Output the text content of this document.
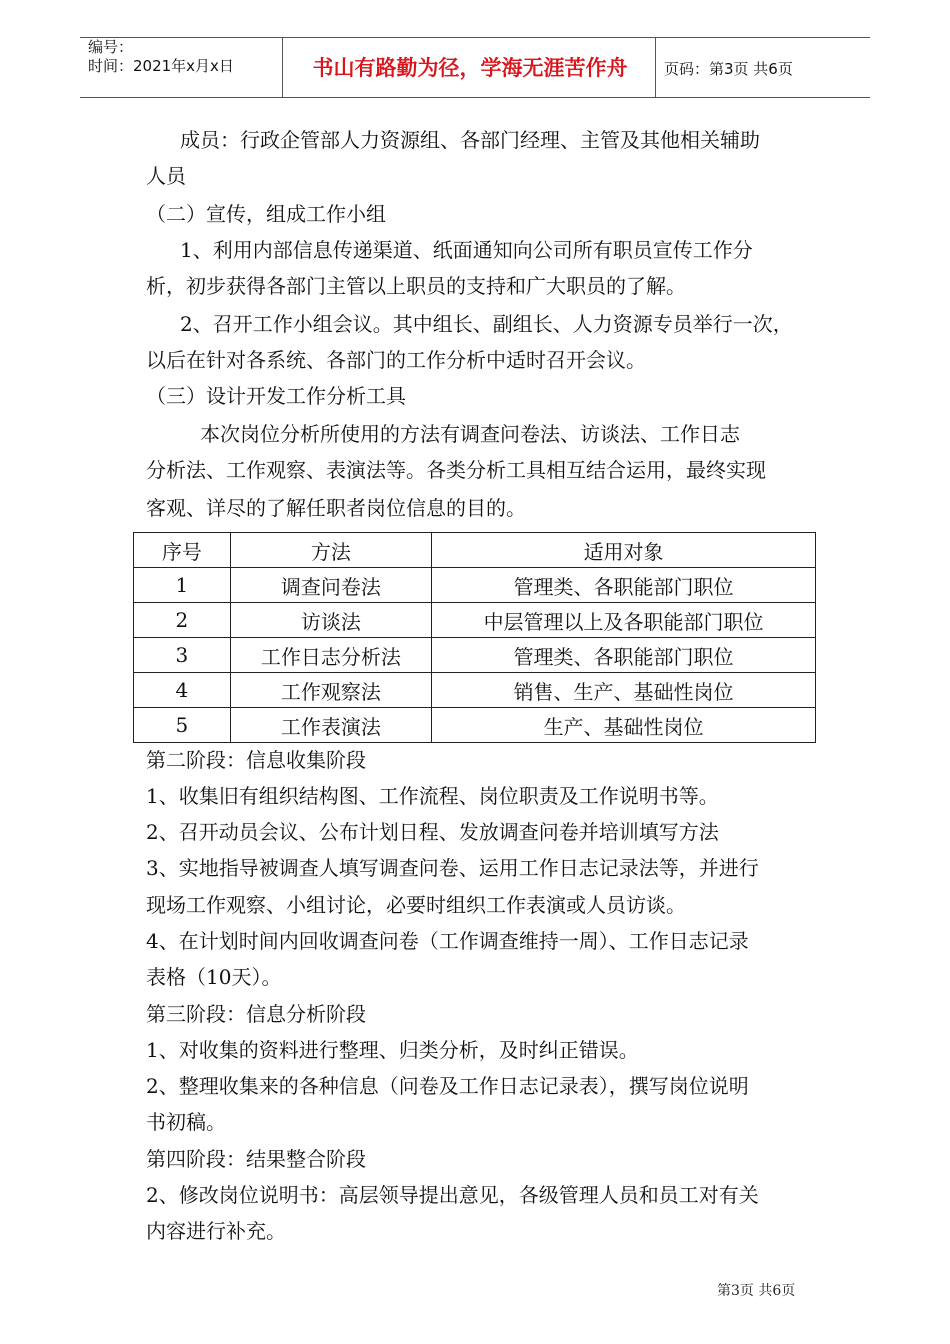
编号：
时间：2021年x月x日	书山有路勤为径，学海无涯苦作舟	页码：第3页 共6页
成员：行政企管部人力资源组、各部门经理、主管及其他相关辅助
人员
（二）宣传，组成工作小组
1、利用内部信息传递渠道、纸面通知向公司所有职员宣传工作分
析，初步获得各部门主管以上职员的支持和广大职员的了解。
2、召开工作小组会议。其中组长、副组长、人力资源专员举行一次，
以后在针对各系统、各部门的工作分析中适时召开会议。
（三）设计开发工作分析工具
本次岗位分析所使用的方法有调查问卷法、访谈法、工作日志
分析法、工作观察、表演法等。各类分析工具相互结合运用，最终实现
客观、详尽的了解任职者岗位信息的目的。
序号	方法	适用对象
1	调查问卷法	管理类、各职能部门职位
2	访谈法	中层管理以上及各职能部门职位
3	工作日志分析法	管理类、各职能部门职位
4	工作观察法	销售、生产、基础性岗位
5	工作表演法	生产、基础性岗位
第二阶段：信息收集阶段
1、收集旧有组织结构图、工作流程、岗位职责及工作说明书等。
2、召开动员会议、公布计划日程、发放调查问卷并培训填写方法
3、实地指导被调查人填写调查问卷、运用工作日志记录法等，并进行
现场工作观察、小组讨论，必要时组织工作表演或人员访谈。
4、在计划时间内回收调查问卷（工作调查维持一周）、工作日志记录
表格（10天）。
第三阶段：信息分析阶段
1、对收集的资料进行整理、归类分析，及时纠正错误。
2、整理收集来的各种信息（问卷及工作日志记录表），撰写岗位说明
书初稿。
第四阶段：结果整合阶段
2、修改岗位说明书：高层领导提出意见，各级管理人员和员工对有关
内容进行补充。
第3页 共6页
